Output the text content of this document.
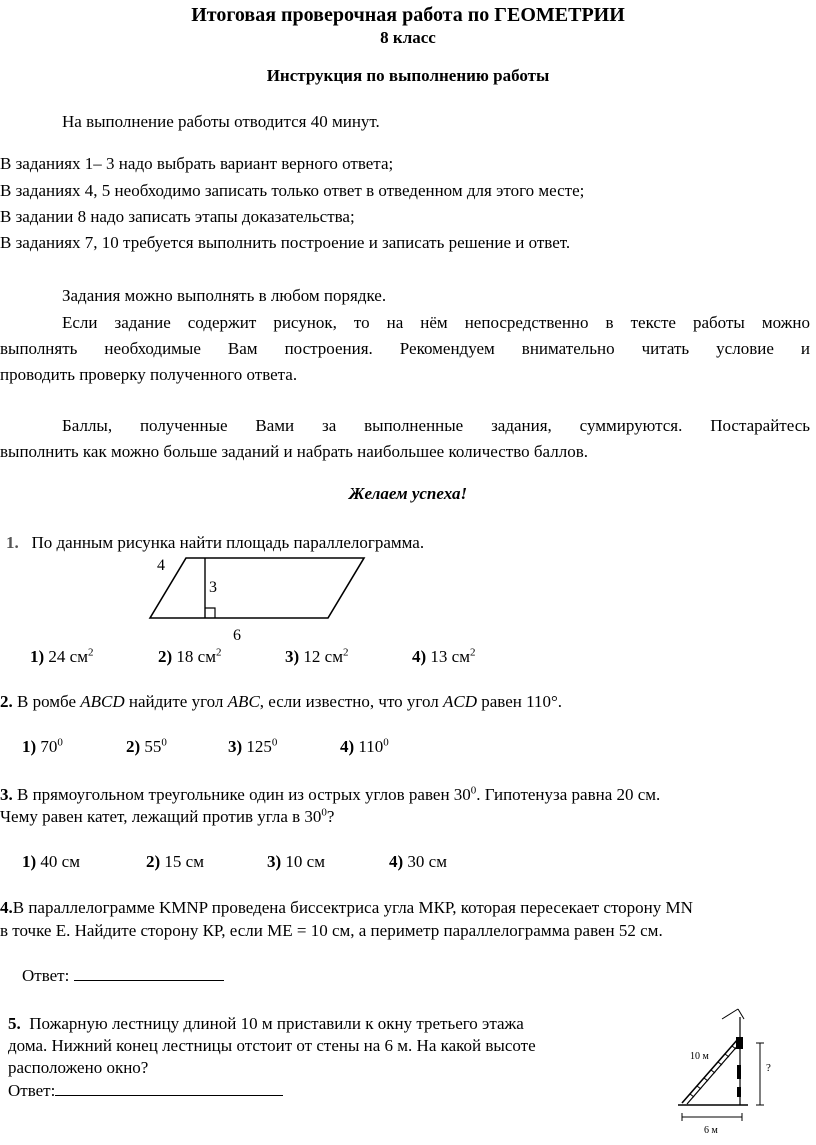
Итоговая проверочная работа по ГЕОМЕТРИИ
8 класс
Инструкция по выполнению работы
На выполнение работы отводится 40 минут.
В заданиях 1– 3 надо выбрать вариант верного ответа;
В заданиях 4, 5 необходимо записать только ответ в отведенном для этого месте;
В задании 8 надо записать этапы доказательства;
В заданиях 7, 10 требуется выполнить построение и записать решение и ответ.
Задания можно выполнять в любом порядке.
Если задание содержит рисунок, то на нём непосредственно в тексте работы можно
выполнять необходимые Вам построения. Рекомендуем внимательно читать условие и
проводить проверку полученного ответа.
Баллы, полученные Вами за выполненные задания, суммируются. Постарайтесь
выполнить как можно больше заданий и набрать наибольшее количество баллов.
Желаем успеха!
1. По данным рисунка найти площадь параллелограмма.
4
3
6
1) 24 $см^2$	2) 18 $см^2$	3) 12 $см^2$	4) 13 $см^2$
2. В ромбе ABCD найдите угол ABC, если известно, что угол ACD равен 110°.
1) $70^0$	2) $55^0$	3) $125^0$	4) $110^0$
3. В прямоугольном треугольнике один из острых углов равен $30^0$. Гипотенуза равна 20 см.
Чему равен катет, лежащий против угла в $30^0$?
1) 40 см	2) 15 см	3) 10 см	4) 30 см
4.В параллелограмме KMNP проведена биссектриса угла МКР, которая пересекает сторону MN
в точке Е. Найдите сторону КР, если МЕ = 10 см, а периметр параллелограмма равен 52 см.
Ответ:
5. Пожарную лестницу длиной 10 м приставили к окну третьего этажа
дома. Нижний конец лестницы отстоит от стены на 6 м. На какой высоте
расположено окно?
Ответ:
10 м
?
6 м
